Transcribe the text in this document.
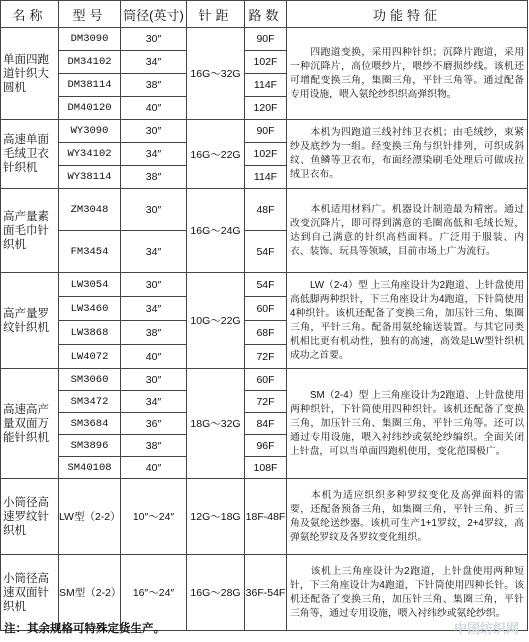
名称	型号	筒径(英寸)	针距	路数	功能特征
单面四跑道针织大圆机	DM3090	30″	16G～32G	90F	四跑道变换，采用四种针织；沉降片跑道，采用一种沉降片，高位喂纱片，喂纱不磨损纱线。该机还可增配变换三角，集圈三角，平针三角等。通过配备专用设施，喂入氨纶纱织织高弹织物。
	DM34102	34″		102F	
	DM38114	38″		114F	
	DM40120	40″		120F	
高速单面毛绒卫衣针织机	WY3090	30″	16G～22G	90F	本机为四跑道三线衬纬卫衣机；由毛绒纱，束紧纱及底纱为一组。经变换三角与织针排列，可织成斜纹、鱼鳞等卫衣布，布面经漂染刷毛处理后可做成拉绒卫衣布。
	WY34102	34″		102F	
	WY38114	38″		114F	
高产量素面毛巾针织机	ZM3048	30″	16G～24G	48F	本机适用材料广。机器设计制造最为精密。通过改变沉降片，即可得到满意的毛圈高低和毛绒长短，达到自己满意的针织高档面料。广泛用于服装、内衣、装饰、玩具等领域，目前市场上广为流行。
	FM3454	34″		54F	
高产量罗纹针织机	LW3054	30″	10G～22G	54F	LW（2-4）型 上三角座设计为2跑道、上针盘使用高低脚两种织针，下三角座设计为4跑道，下针筒使用4种织针。该机还配备了变换三角，加压针三角、集圈三角，平针三角。配备用氨纶输送装置。与其它同类机相比更有机动性，独有的高速，高效是LW型针织机成功之首要。
	LW3460	34″		60F	
	LW3868	38″		68F	
	LW4072	40″		72F	
高速高产量双面万能针织机	SM3060	30″	18G～32G	60F	SM（2-4）型 上三角座设计为2跑道、上针盘使用两种织针，下针筒使用四种织针。该机还配备了变换三角，加压针三角、集圈三角，平针三角等。还可以通过专用设施，喂入衬纬纱或氨纶纱编织。全面关闭上针盘，可以当单面四跑机使用，变化范围极广。
	SM3472	34″		72F	
	SM3684	36″		84F	
	SM3896	38″		96F	
	SM40108	40″		108F	
小筒径高速罗纹针织机	LW型（2-2）	10″～24″	12G～18G	18F-48F	本机为适应织织多种罗纹变化及高弹面料的需要，还配备预备三角，如集圈三角，平针三角、折三角及氨纶送纱器。该机可生产1+1罗纹，2+4罗纹，高弹氨纶罗纹及各罗纹变化组织。
小筒径高速双面针织机	SM型（2-2）	16″～24″	16G～28G	36F-54F	该机上三角座设计为2跑道，上针盘使用两种短针，下三角座设计为4跑道，下针筒使用四种长针。该机还配备了变换三角，加压针三角、集圈三角，平针三角等，通过专用设施，喂入衬纬纱或氨纶纱织。
注：其余规格可特殊定货生产。	中国纺织网
